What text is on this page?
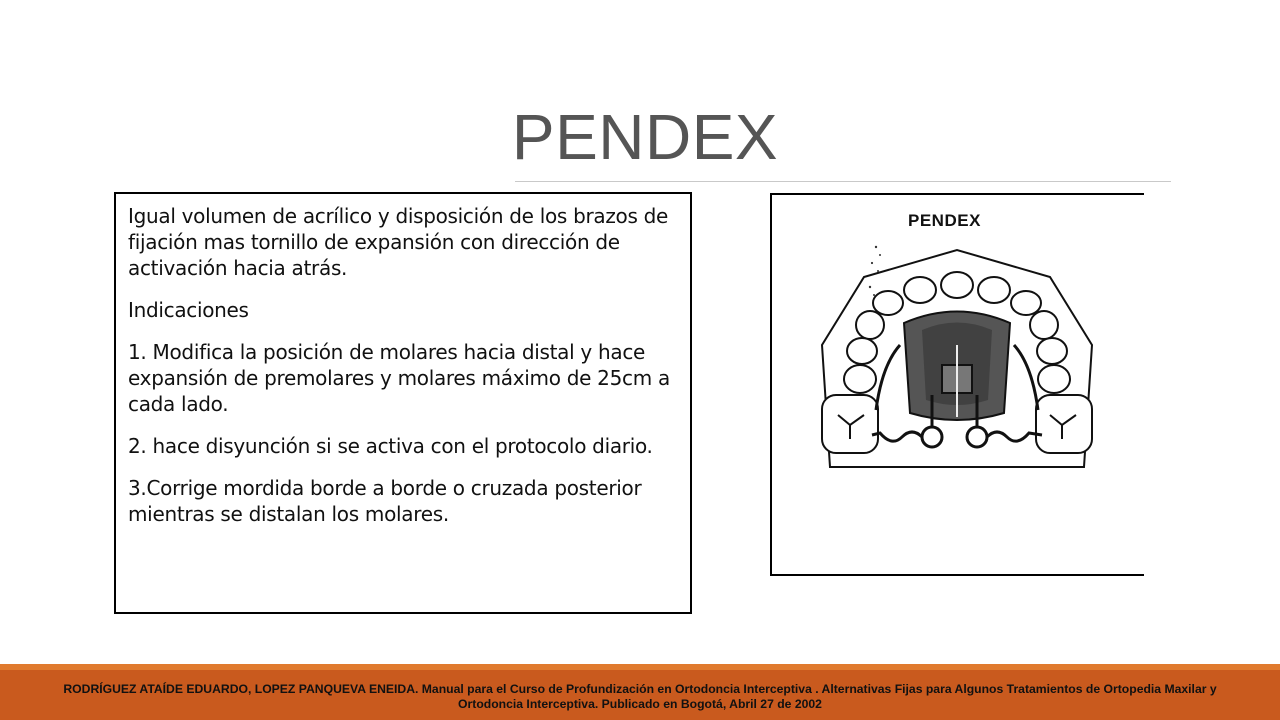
PENDEX

Igual volumen de acrílico y disposición de los brazos de fijación mas tornillo de expansión con dirección de activación hacia atrás.

Indicaciones

1. Modifica la posición de molares hacia distal y hace expansión de premolares y molares máximo de 25cm a cada lado.

2. hace disyunción si se activa con el protocolo diario.

3.Corrige mordida borde a borde o cruzada posterior mientras se distalan los molares.

PENDEX
RODRÍGUEZ ATAÍDE EDUARDO, LOPEZ PANQUEVA ENEIDA. Manual para el Curso de Profundización en Ortodoncia Interceptiva . Alternativas Fijas para Algunos Tratamientos de Ortopedia Maxilar y Ortodoncia Interceptiva. Publicado en Bogotá, Abril 27 de 2002
